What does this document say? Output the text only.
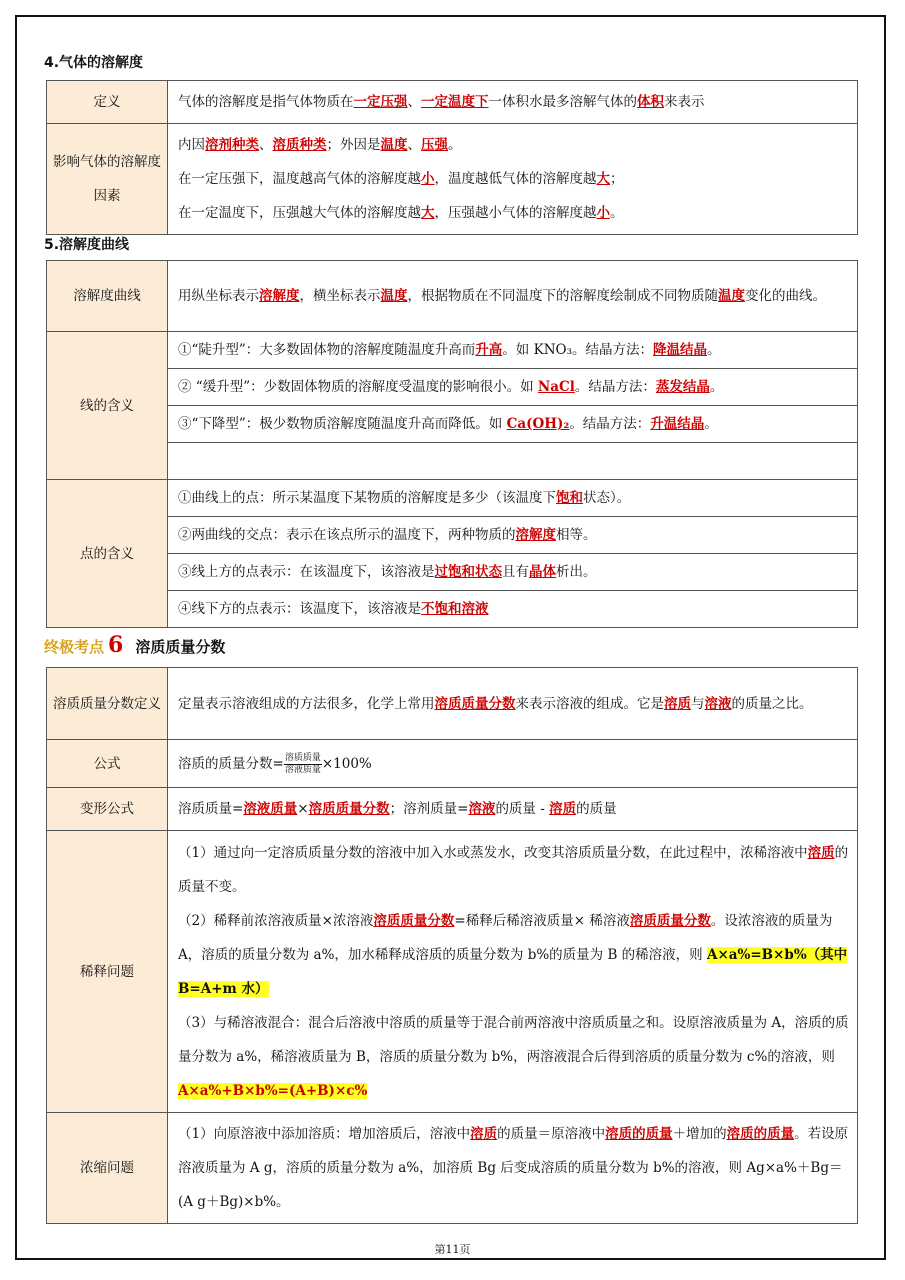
4.气体的溶解度
定义	气体的溶解度是指气体物质在一定压强、一定温度下一体积水最多溶解气体的体积来表示
影响气体的溶解度因素	内因溶剂种类、溶质种类；外因是温度、压强。
在一定压强下，温度越高气体的溶解度越小，温度越低气体的溶解度越大；
在一定温度下，压强越大气体的溶解度越大，压强越小气体的溶解度越小。
5.溶解度曲线
溶解度曲线	用纵坐标表示溶解度，横坐标表示温度，根据物质在不同温度下的溶解度绘制成不同物质随温度变化的曲线。
线的含义	①“陡升型”：大多数固体物的溶解度随温度升高而升高。如 KNO₃。结晶方法：降温结晶。
	② “缓升型”：少数固体物质的溶解度受温度的影响很小。如 NaCl。结晶方法：蒸发结晶。
	③“下降型”：极少数物质溶解度随温度升高而降低。如 Ca(OH)₂。结晶方法：升温结晶。

点的含义	①曲线上的点：所示某温度下某物质的溶解度是多少（该温度下饱和状态）。
	②两曲线的交点：表示在该点所示的温度下，两种物质的溶解度相等。
	③线上方的点表示：在该温度下，该溶液是过饱和状态且有晶体析出。
	④线下方的点表示：该温度下，该溶液是不饱和溶液
终极考点 6 溶质质量分数
溶质质量分数定义	定量表示溶液组成的方法很多，化学上常用溶质质量分数来表示溶液的组成。它是溶质与溶液的质量之比。
公式	溶质的质量分数= $\frac{\text{溶质质量}}{\text{溶液质量}} \times 100\%$
变形公式	溶质质量=溶液质量×溶质质量分数；溶剂质量=溶液的质量 - 溶质的质量
稀释问题	（1）通过向一定溶质质量分数的溶液中加入水或蒸发水，改变其溶质质量分数，在此过程中，浓稀溶液中溶质的质量不变。
（2）稀释前浓溶液质量×浓溶液溶质质量分数=稀释后稀溶液质量× 稀溶液溶质质量分数。设浓溶液的质量为 A，溶质的质量分数为 a%，加水稀释成溶质的质量分数为 b%的质量为 B 的稀溶液，则 A×a%=B×b%（其中 B=A+m 水）
（3）与稀溶液混合：混合后溶液中溶质的质量等于混合前两溶液中溶质质量之和。设原溶液质量为 A，溶质的质量分数为 a%，稀溶液质量为 B，溶质的质量分数为 b%，两溶液混合后得到溶质的质量分数为 c%的溶液，则 A×a%+B×b%=(A+B)×c%

浓缩问题	（1）向原溶液中添加溶质：增加溶质后，溶液中溶质的质量＝原溶液中溶质的质量＋增加的溶质的质量。若设原溶液质量为 A g，溶质的质量分数为 a%，加溶质 Bg 后变成溶质的质量分数为 b%的溶液，则 Ag×a%＋Bg＝(A g＋Bg)×b%。
第11页
